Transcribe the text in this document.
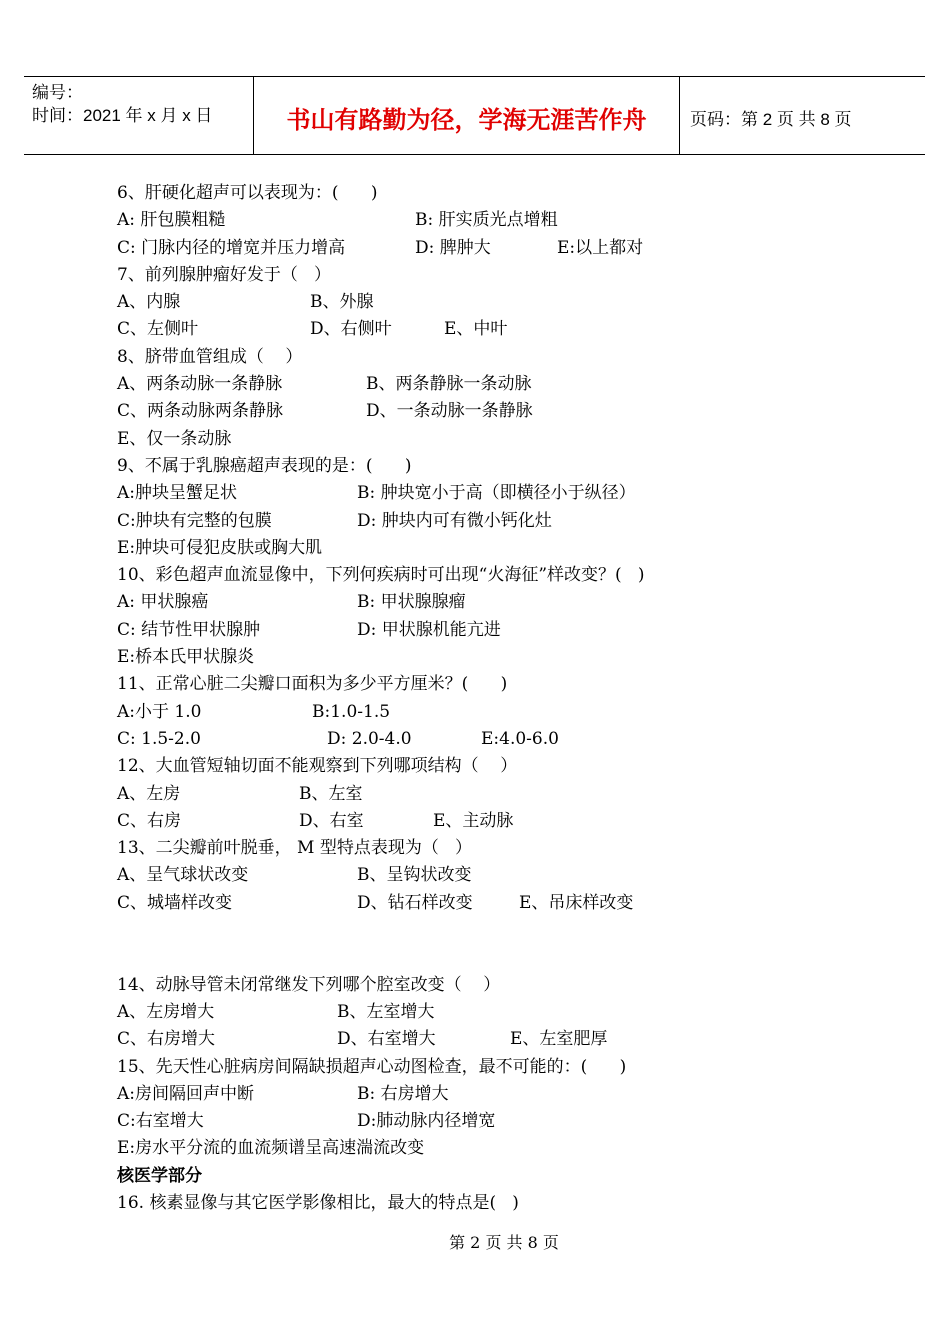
编号：
时间：2021 年 x 月 x 日	书山有路勤为径，学海无涯苦作舟	页码：第 2 页 共 8 页
6、肝硬化超声可以表现为：(      )

A: 肝包膜粗糙

	B: 肝实质光点增粗

C: 门脉内径的增宽并压力增高

	D: 脾肿大

	E:以上都对

7、前列腺肿瘤好发于（   ）

A、内腺

	B、外腺

C、左侧叶

	D、右侧叶

	E、中叶

8、脐带血管组成（    ）

A、两条动脉一条静脉

	B、两条静脉一条动脉

C、两条动脉两条静脉

	D、一条动脉一条静脉

E、仅一条动脉

9、不属于乳腺癌超声表现的是：(      )

A:肿块呈蟹足状

	B: 肿块宽小于高（即横径小于纵径）

C:肿块有完整的包膜

	D: 肿块内可有微小钙化灶

E:肿块可侵犯皮肤或胸大肌

10、彩色超声血流显像中，下列何疾病时可出现“火海征”样改变？(   )

A: 甲状腺癌

	B: 甲状腺腺瘤

C: 结节性甲状腺肿

	D: 甲状腺机能亢进

E:桥本氏甲状腺炎

11、正常心脏二尖瓣口面积为多少平方厘米？(      )

A:小于 1.0

	B:1.0-1.5

C: 1.5-2.0

	D: 2.0-4.0

	E:4.0-6.0

12、大血管短轴切面不能观察到下列哪项结构（    ）

A、左房

	B、左室

C、右房

	D、右室

	E、主动脉

13、二尖瓣前叶脱垂， M 型特点表现为（   ）

A、呈气球状改变

	B、呈钩状改变

C、城墙样改变

	D、钻石样改变

	E、吊床样改变

14、动脉导管未闭常继发下列哪个腔室改变（    ）

A、左房增大

	B、左室增大

C、右房增大

	D、右室增大

	E、左室肥厚

15、先天性心脏病房间隔缺损超声心动图检查，最不可能的：(      )

A:房间隔回声中断

	B: 右房增大

C:右室增大

	D:肺动脉内径增宽

E:房水平分流的血流频谱呈高速湍流改变

核医学部分
16. 核素显像与其它医学影像相比，最大的特点是(   )
第 2 页 共 8 页
